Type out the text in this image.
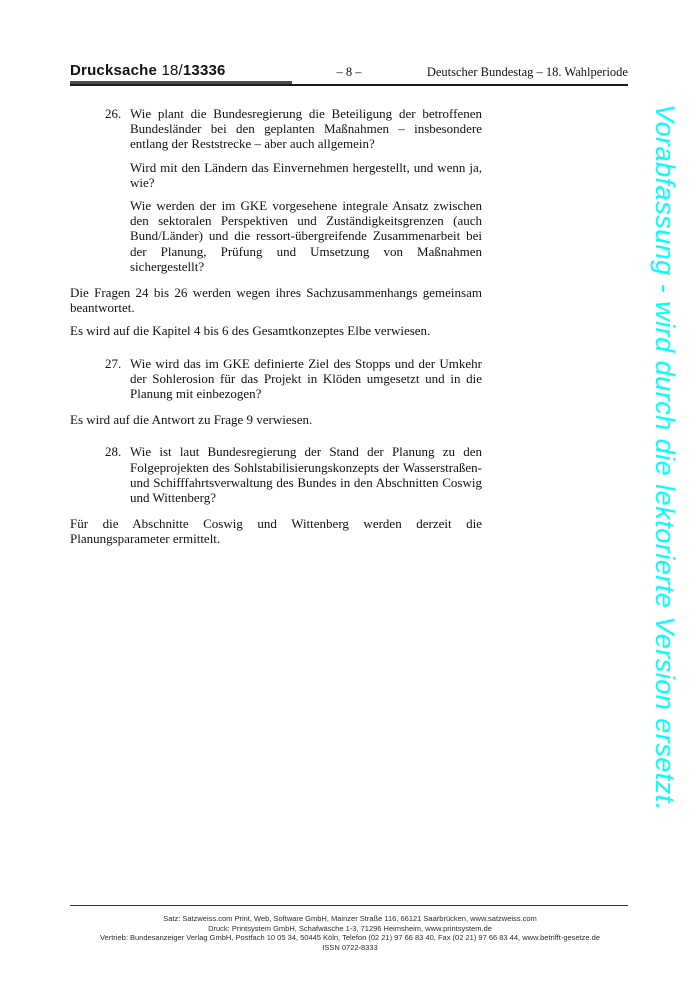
Drucksache 18/13336	– 8 –	Deutscher Bundestag – 18. Wahlperiode
Vorabfassung - wird durch die lektorierte Version ersetzt.
26. Wie plant die Bundesregierung die Beteiligung der betroffenen Bundesländer bei den geplanten Maßnahmen – insbesondere entlang der Reststrecke – aber auch allgemein?

Wird mit den Ländern das Einvernehmen hergestellt, und wenn ja, wie?

Wie werden der im GKE vorgesehene integrale Ansatz zwischen den sektoralen Perspektiven und Zuständigkeitsgrenzen (auch Bund/Länder) und die ressort-übergreifende Zusammenarbeit bei der Planung, Prüfung und Umsetzung von Maßnahmen sichergestellt?

Die Fragen 24 bis 26 werden wegen ihres Sachzusammenhangs gemeinsam beantwortet.

Es wird auf die Kapitel 4 bis 6 des Gesamtkonzeptes Elbe verwiesen.

27. Wie wird das im GKE definierte Ziel des Stopps und der Umkehr der Sohlerosion für das Projekt in Klöden umgesetzt und in die Planung mit einbezogen?

Es wird auf die Antwort zu Frage 9 verwiesen.

28. Wie ist laut Bundesregierung der Stand der Planung zu den Folgeprojekten des Sohlstabilisierungskonzepts der Wasserstraßen- und Schifffahrtsverwaltung des Bundes in den Abschnitten Coswig und Wittenberg?

Für die Abschnitte Coswig und Wittenberg werden derzeit die Planungsparameter ermittelt.

Satz: Satzweiss.com Print, Web, Software GmbH, Mainzer Straße 116, 66121 Saarbrücken, www.satzweiss.com
Druck: Printsystem GmbH, Schafwäsche 1-3, 71296 Heimsheim, www.printsystem.de
Vertrieb: Bundesanzeiger Verlag GmbH, Postfach 10 05 34, 50445 Köln, Telefon (02 21) 97 66 83 40, Fax (02 21) 97 66 83 44, www.betrifft-gesetze.de
ISSN 0722-8333
